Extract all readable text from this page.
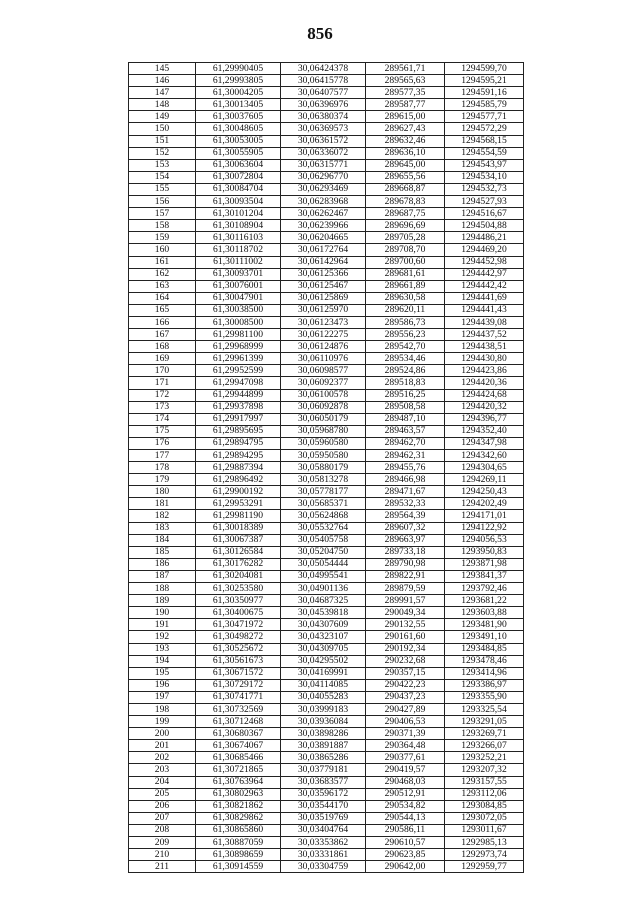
856
145	61,29990405	30,06424378	289561,71	1294599,70
146	61,29993805	30,06415778	289565,63	1294595,21
147	61,30004205	30,06407577	289577,35	1294591,16
148	61,30013405	30,06396976	289587,77	1294585,79
149	61,30037605	30,06380374	289615,00	1294577,71
150	61,30048605	30,06369573	289627,43	1294572,29
151	61,30053005	30,06361572	289632,46	1294568,15
152	61,30055905	30,06336072	289636,10	1294554,59
153	61,30063604	30,06315771	289645,00	1294543,97
154	61,30072804	30,06296770	289655,56	1294534,10
155	61,30084704	30,06293469	289668,87	1294532,73
156	61,30093504	30,06283968	289678,83	1294527,93
157	61,30101204	30,06262467	289687,75	1294516,67
158	61,30108904	30,06239966	289696,69	1294504,88
159	61,30116103	30,06204665	289705,28	1294486,21
160	61,30118702	30,06172764	289708,70	1294469,20
161	61,30111002	30,06142964	289700,60	1294452,98
162	61,30093701	30,06125366	289681,61	1294442,97
163	61,30076001	30,06125467	289661,89	1294442,42
164	61,30047901	30,06125869	289630,58	1294441,69
165	61,30038500	30,06125970	289620,11	1294441,43
166	61,30008500	30,06123473	289586,73	1294439,08
167	61,29981100	30,06122275	289556,23	1294437,52
168	61,29968999	30,06124876	289542,70	1294438,51
169	61,29961399	30,06110976	289534,46	1294430,80
170	61,29952599	30,06098577	289524,86	1294423,86
171	61,29947098	30,06092377	289518,83	1294420,36
172	61,29944899	30,06100578	289516,25	1294424,68
173	61,29937898	30,06092878	289508,58	1294420,32
174	61,29917997	30,06050179	289487,10	1294396,77
175	61,29895695	30,05968780	289463,57	1294352,40
176	61,29894795	30,05960580	289462,70	1294347,98
177	61,29894295	30,05950580	289462,31	1294342,60
178	61,29887394	30,05880179	289455,76	1294304,65
179	61,29896492	30,05813278	289466,98	1294269,11
180	61,29900192	30,05778177	289471,67	1294250,43
181	61,29953291	30,05685371	289532,33	1294202,49
182	61,29981190	30,05624868	289564,39	1294171,01
183	61,30018389	30,05532764	289607,32	1294122,92
184	61,30067387	30,05405758	289663,97	1294056,53
185	61,30126584	30,05204750	289733,18	1293950,83
186	61,30176282	30,05054444	289790,98	1293871,98
187	61,30204081	30,04995541	289822,91	1293841,37
188	61,30253580	30,04901136	289879,59	1293792,46
189	61,30350977	30,04687325	289991,57	1293681,22
190	61,30400675	30,04539818	290049,34	1293603,88
191	61,30471972	30,04307609	290132,55	1293481,90
192	61,30498272	30,04323107	290161,60	1293491,10
193	61,30525672	30,04309705	290192,34	1293484,85
194	61,30561673	30,04295502	290232,68	1293478,46
195	61,30671572	30,04169991	290357,15	1293414,96
196	61,30729172	30,04114085	290422,23	1293386,97
197	61,30741771	30,04055283	290437,23	1293355,90
198	61,30732569	30,03999183	290427,89	1293325,54
199	61,30712468	30,03936084	290406,53	1293291,05
200	61,30680367	30,03898286	290371,39	1293269,71
201	61,30674067	30,03891887	290364,48	1293266,07
202	61,30685466	30,03865286	290377,61	1293252,21
203	61,30721865	30,03779181	290419,57	1293207,32
204	61,30763964	30,03683577	290468,03	1293157,55
205	61,30802963	30,03596172	290512,91	1293112,06
206	61,30821862	30,03544170	290534,82	1293084,85
207	61,30829862	30,03519769	290544,13	1293072,05
208	61,30865860	30,03404764	290586,11	1293011,67
209	61,30887059	30,03353862	290610,57	1292985,13
210	61,30898659	30,03331861	290623,85	1292973,74
211	61,30914559	30,03304759	290642,00	1292959,77
